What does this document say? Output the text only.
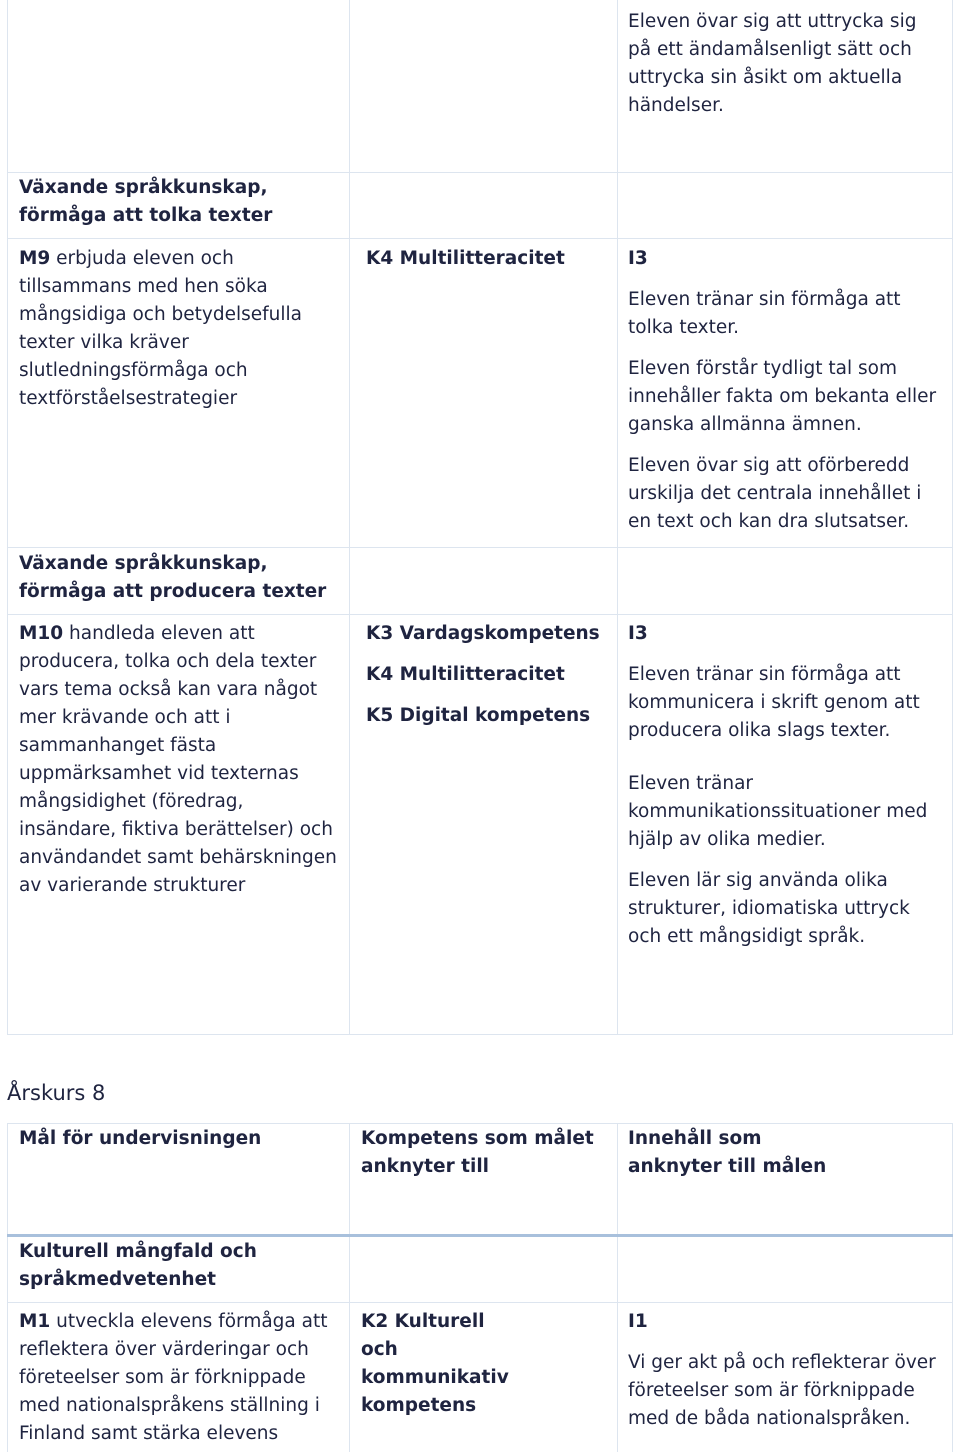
Eleven övar sig att uttrycka sig på ett ändamålsenligt sätt och uttrycka sin åsikt om aktuella händelser.

Växande språkkunskap, förmåga att tolka texter

M9 erbjuda eleven och tillsammans med hen söka mångsidiga och betydelsefulla texter vilka kräver slutledningsförmåga och textförståelsestrategier

K4 Multilitteracitet	I3

Eleven tränar sin förmåga att tolka texter.

Eleven förstår tydligt tal som innehåller fakta om bekanta eller ganska allmänna ämnen.

Eleven övar sig att oförberedd urskilja det centrala innehållet i en text och kan dra slutsatser.

Växande språkkunskap, förmåga att producera texter

M10 handleda eleven att producera, tolka och dela texter vars tema också kan vara något mer krävande och att i sammanhanget fästa uppmärksamhet vid texternas mångsidighet (föredrag, insändare, fiktiva berättelser) och användandet samt behärskningen av varierande strukturer

K3 Vardagskompetens

K4 Multilitteracitet

K5 Digital kompetens

I3

Eleven tränar sin förmåga att kommunicera i skrift genom att producera olika slags texter.

Eleven tränar kommunikationssituationer med hjälp av olika medier.

Eleven lär sig använda olika strukturer, idiomatiska uttryck och ett mångsidigt språk.

Årskurs 8

Mål för undervisningen	Kompetens som målet anknyter till

Innehåll som anknyter till målen

Kulturell mångfald och språkmedvetenhet

M1 utveckla elevens förmåga att reflektera över värderingar och företeelser som är förknippade med nationalspråkens ställning i Finland samt stärka elevens

K2 Kulturell och kommunikativ kompetens

I1

Vi ger akt på och reflekterar över företeelser som är förknippade med de båda nationalspråken.
